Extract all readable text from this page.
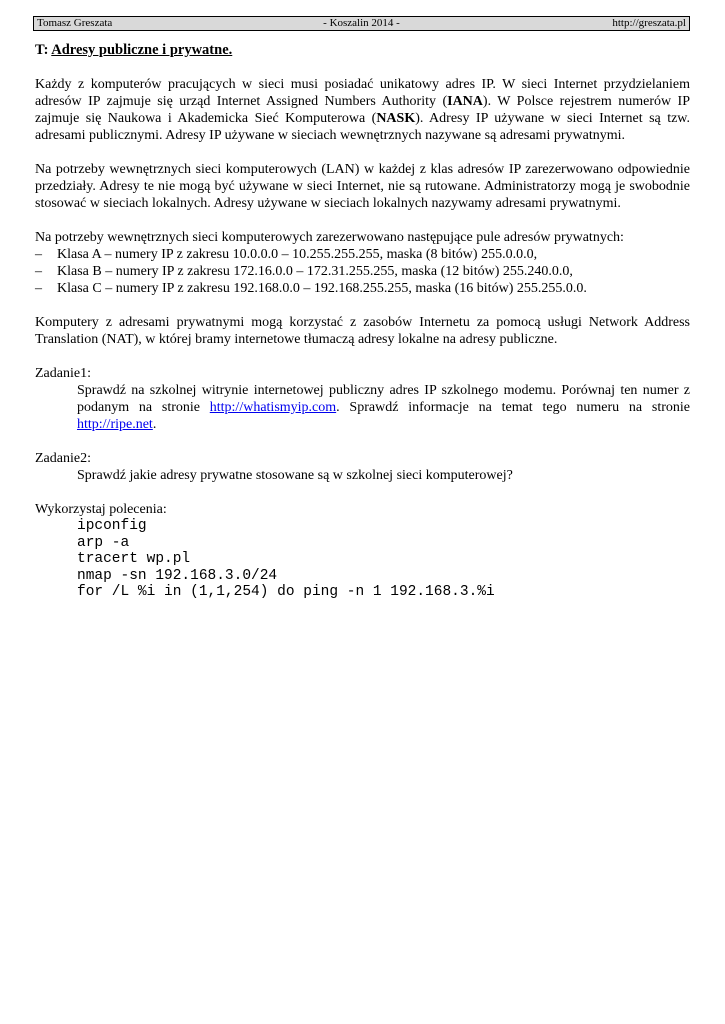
Tomasz Greszata	- Koszalin 2014 -	http://greszata.pl

T: Adresy publiczne i prywatne.

Każdy z komputerów pracujących w sieci musi posiadać unikatowy adres IP. W sieci Internet przydzielaniem adresów IP zajmuje się urząd Internet Assigned Numbers Authority (IANA). W Polsce rejestrem numerów IP zajmuje się Naukowa i Akademicka Sieć Komputerowa (NASK). Adresy IP używane w sieci Internet są tzw. adresami publicznymi. Adresy IP używane w sieciach wewnętrznych nazywane są adresami prywatnymi.

Na potrzeby wewnętrznych sieci komputerowych (LAN) w każdej z klas adresów IP zarezerwowano odpowiednie przedziały. Adresy te nie mogą być używane w sieci Internet, nie są rutowane. Administratorzy mogą je swobodnie stosować w sieciach lokalnych. Adresy używane w sieciach lokalnych nazywamy adresami prywatnymi.

Na potrzeby wewnętrznych sieci komputerowych zarezerwowano następujące pule adresów prywatnych:

– Klasa A – numery IP z zakresu 10.0.0.0 – 10.255.255.255, maska (8 bitów) 255.0.0.0,
– Klasa B – numery IP z zakresu 172.16.0.0 – 172.31.255.255, maska (12 bitów) 255.240.0.0,
– Klasa C – numery IP z zakresu 192.168.0.0 – 192.168.255.255, maska (16 bitów) 255.255.0.0.

Komputery z adresami prywatnymi mogą korzystać z zasobów Internetu za pomocą usługi Network Address Translation (NAT), w której bramy internetowe tłumaczą adresy lokalne na adresy publiczne.

Zadanie1:

Sprawdź na szkolnej witrynie internetowej publiczny adres IP szkolnego modemu. Porównaj ten numer z podanym na stronie http://whatismyip.com. Sprawdź informacje na temat tego numeru na stronie http://ripe.net.

Zadanie2:

Sprawdź jakie adresy prywatne stosowane są w szkolnej sieci komputerowej?

Wykorzystaj polecenia:

ipconfig
arp -a
tracert wp.pl
nmap -sn 192.168.3.0/24
for /L %i in (1,1,254) do ping -n 1 192.168.3.%i
